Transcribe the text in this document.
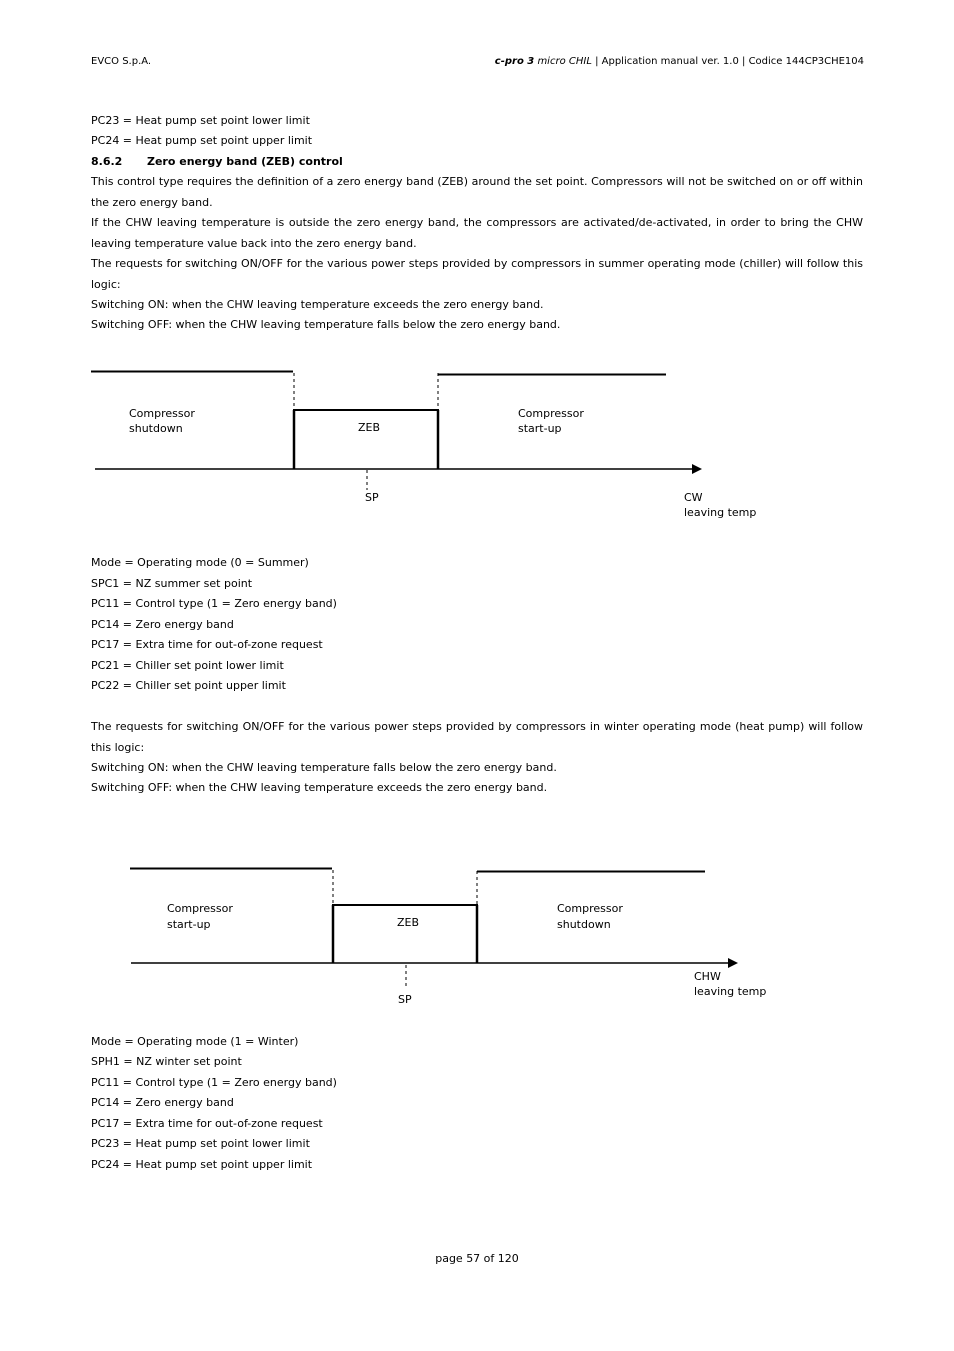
EVCO S.p.A.	c-pro 3 micro CHIL | Application manual ver. 1.0 | Codice 144CP3CHE104
PC23 = Heat pump set point lower limit
PC24 = Heat pump set point upper limit
8.6.2 Zero energy band (ZEB) control
This control type requires the definition of a zero energy band (ZEB) around the set point. Compressors will not be switched on or off within the zero energy band.
If the CHW leaving temperature is outside the zero energy band, the compressors are activated/de-activated, in order to bring the CHW leaving temperature value back into the zero energy band.
The requests for switching ON/OFF for the various power steps provided by compressors in summer operating mode (chiller) will follow this logic:
Switching ON: when the CHW leaving temperature exceeds the zero energy band.
Switching OFF: when the CHW leaving temperature falls below the zero energy band.
Compressor
shutdown	ZEB
Compressor
start-up
SP	CW
leaving temp
Mode = Operating mode (0 = Summer)
SPC1 = NZ summer set point
PC11 = Control type (1 = Zero energy band)
PC14 = Zero energy band
PC17 = Extra time for out-of-zone request
PC21 = Chiller set point lower limit
PC22 = Chiller set point upper limit
The requests for switching ON/OFF for the various power steps provided by compressors in winter operating mode (heat pump) will follow this logic:
Switching ON: when the CHW leaving temperature falls below the zero energy band.
Switching OFF: when the CHW leaving temperature exceeds the zero energy band.
Compressor
start-up	ZEB
Compressor
shutdown
SP
CHW
leaving temp
Mode = Operating mode (1 = Winter)
SPH1 = NZ winter set point
PC11 = Control type (1 = Zero energy band)
PC14 = Zero energy band
PC17 = Extra time for out-of-zone request
PC23 = Heat pump set point lower limit
PC24 = Heat pump set point upper limit
page 57 of 120
